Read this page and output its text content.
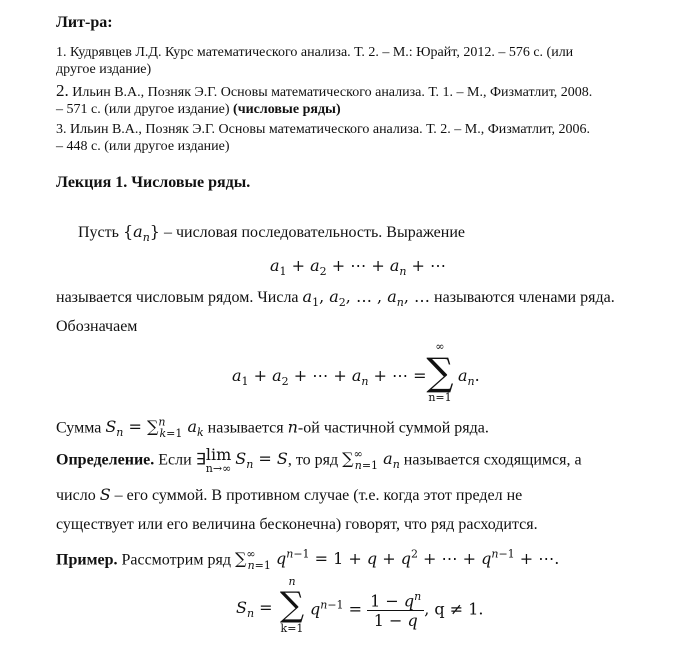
Лит-ра:
1. Кудрявцев Л.Д. Курс математического анализа. Т. 2. – М.: Юрайт, 2012. – 576 с. (или
другое издание)
2. Ильин В.А., Позняк Э.Г. Основы математического анализа. Т. 1. – М., Физматлит, 2008.
– 571 с. (или другое издание) (числовые ряды)
3. Ильин В.А., Позняк Э.Г. Основы математического анализа. Т. 2. – М., Физматлит, 2006.
– 448 с. (или другое издание)
Лекция 1. Числовые ряды.
Пусть $\{a_n\}$ – числовая последовательность. Выражение
$a_1 + a_2$ + ⋯ + $a_n$ + ⋯
называется числовым рядом. Числа $a_1$, $a_2$, … , $a_n$, … называются членами ряда.
Обозначаем
$a_1 + a_2$ + ⋯ + $a_n$ + ⋯ =
∞
∑
n=1
$a_n$.
Сумма $S_n = \sum^n_{k=1}$ $a_k$ называется n-ой частичной суммой ряда.
Определение. Если ∃lim
n→∞
$S_n = S$, то ряд $\sum^\infty_{n=1}$ $a_n$ называется сходящимся, а
число S – его суммой. В противном случае (т.е. когда этот предел не
существует или его величина бесконечна) говорят, что ряд расходится.
Пример. Рассмотрим ряд $\sum^\infty_{n=1}$ $q^{n-1} = 1 + q + q^2$ + ⋯ + $q^{n-1}$ + ⋯.
$S_n$ =
n
∑
k=1
$q^{n-1} = \frac{1 - q^n}{1 - q}$ , q ≠ 1.
